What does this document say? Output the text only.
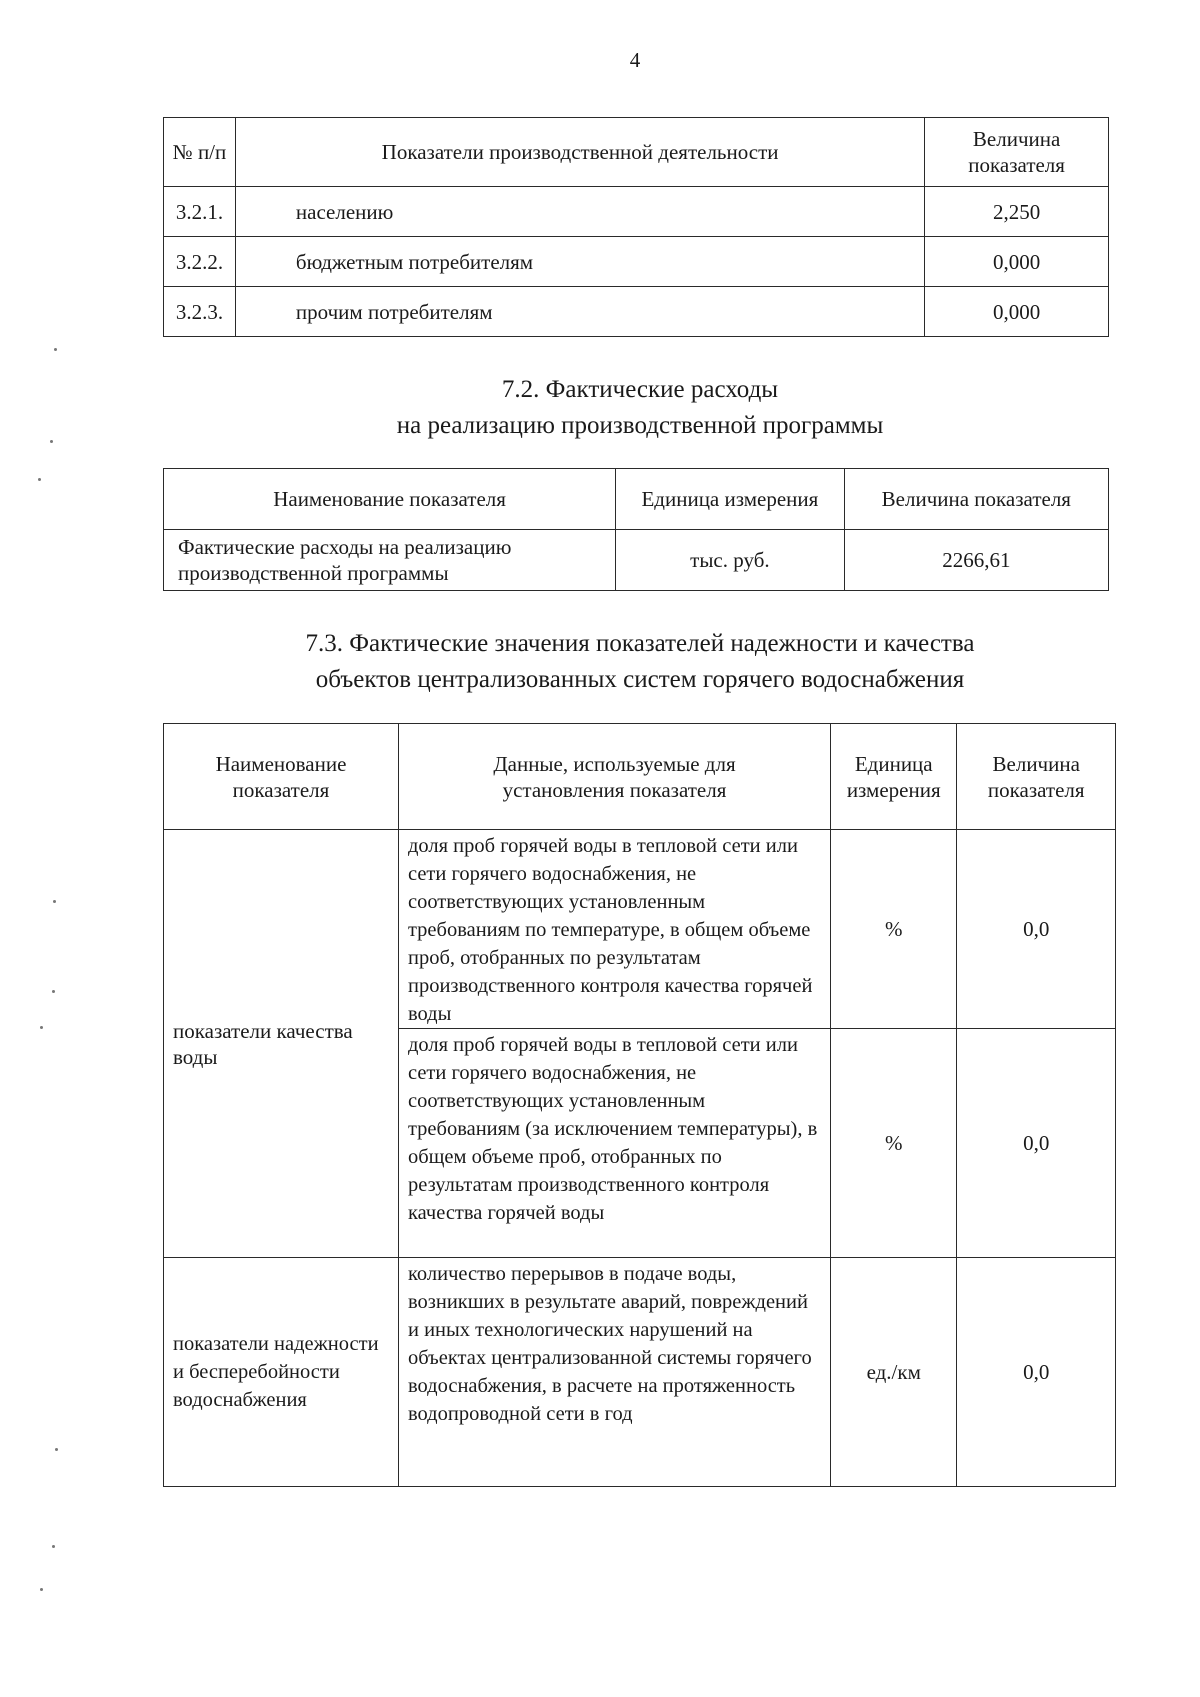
4
№ п/п	Показатели производственной деятельности	Величина показателя
3.2.1.	населению	2,250
3.2.2.	бюджетным потребителям	0,000
3.2.3.	прочим потребителям	0,000
7.2. Фактические расходы
на реализацию производственной программы
Наименование показателя	Единица измерения	Величина показателя
Фактические расходы на реализацию производственной программы	тыс. руб.	2266,61
7.3. Фактические значения показателей надежности и качества
объектов централизованных систем горячего водоснабжения
Наименование показателя	Данные, используемые для установления показателя	Единица измерения	Величина показателя
показатели качества воды	доля проб горячей воды в тепловой сети или сети горячего водоснабжения, не соответствующих установленным требованиям по температуре, в общем объеме проб, отобранных по результатам производственного контроля качества горячей воды	%	0,0
	доля проб горячей воды в тепловой сети или сети горячего водоснабжения, не соответствующих установленным требованиям (за исключением температуры), в общем объеме проб, отобранных по результатам производственного контроля качества горячей воды	%	0,0
показатели надежности и бесперебойности водоснабжения	количество перерывов в подаче воды, возникших в результате аварий, повреждений и иных технологических нарушений на объектах централизованной системы горячего водоснабжения, в расчете на протяженность водопроводной сети в год	ед./км	0,0
